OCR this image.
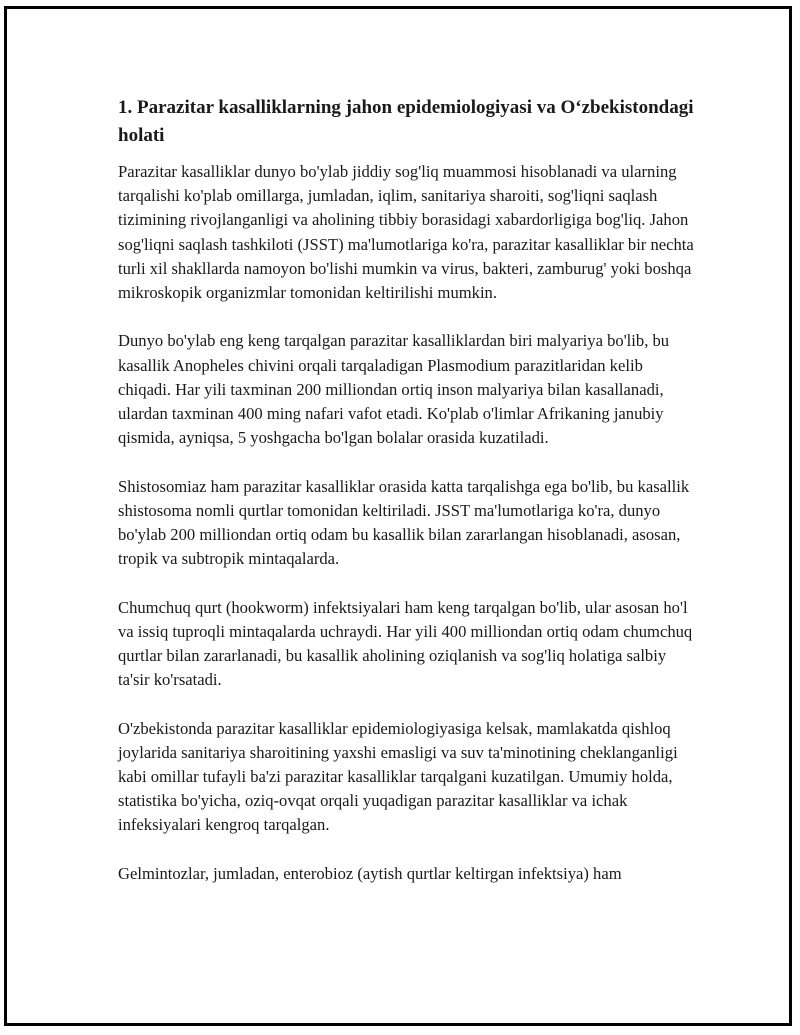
1. Parazitar kasalliklarning jahon epidemiologiyasi va O‘zbekistondagi holati

Parazitar kasalliklar dunyo bo'ylab jiddiy sog'liq muammosi hisoblanadi va ularning tarqalishi ko'plab omillarga, jumladan, iqlim, sanitariya sharoiti, sog'liqni saqlash tizimining rivojlanganligi va aholining tibbiy borasidagi xabardorligiga bog'liq. Jahon sog'liqni saqlash tashkiloti (JSST) ma'lumotlariga ko'ra, parazitar kasalliklar bir nechta turli xil shakllarda namoyon bo'lishi mumkin va virus, bakteri, zamburug' yoki boshqa mikroskopik organizmlar tomonidan keltirilishi mumkin.

Dunyo bo'ylab eng keng tarqalgan parazitar kasalliklardan biri malyariya bo'lib, bu kasallik Anopheles chivini orqali tarqaladigan Plasmodium parazitlaridan kelib chiqadi. Har yili taxminan 200 milliondan ortiq inson malyariya bilan kasallanadi, ulardan taxminan 400 ming nafari vafot etadi. Ko'plab o'limlar Afrikaning janubiy qismida, ayniqsa, 5 yoshgacha bo'lgan bolalar orasida kuzatiladi.

Shistosomiaz ham parazitar kasalliklar orasida katta tarqalishga ega bo'lib, bu kasallik shistosoma nomli qurtlar tomonidan keltiriladi. JSST ma'lumotlariga ko'ra, dunyo bo'ylab 200 milliondan ortiq odam bu kasallik bilan zararlangan hisoblanadi, asosan, tropik va subtropik mintaqalarda.

Chumchuq qurt (hookworm) infektsiyalari ham keng tarqalgan bo'lib, ular asosan ho'l va issiq tuproqli mintaqalarda uchraydi. Har yili 400 milliondan ortiq odam chumchuq qurtlar bilan zararlanadi, bu kasallik aholining oziqlanish va sog'liq holatiga salbiy ta'sir ko'rsatadi.

O'zbekistonda parazitar kasalliklar epidemiologiyasiga kelsak, mamlakatda qishloq joylarida sanitariya sharoitining yaxshi emasligi va suv ta'minotining cheklanganligi kabi omillar tufayli ba'zi parazitar kasalliklar tarqalgani kuzatilgan. Umumiy holda, statistika bo'yicha, oziq-ovqat orqali yuqadigan parazitar kasalliklar va ichak infeksiyalari kengroq tarqalgan.

Gelmintozlar, jumladan, enterobioz (aytish qurtlar keltirgan infektsiya) ham
